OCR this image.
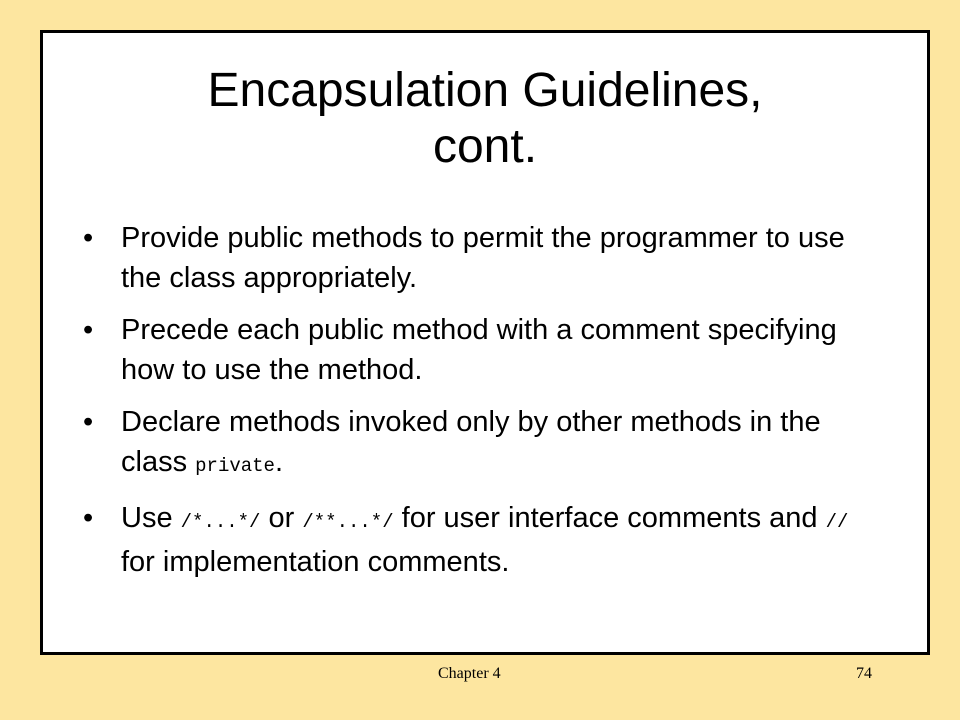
Encapsulation Guidelines,
cont.
• Provide public methods to permit the programmer to use the class appropriately.
• Precede each public method with a comment specifying how to use the method.
• Declare methods invoked only by other methods in the class private.
• Use /*...*/ or /**...*/ for user interface comments and // for implementation comments.
Chapter 4	74
